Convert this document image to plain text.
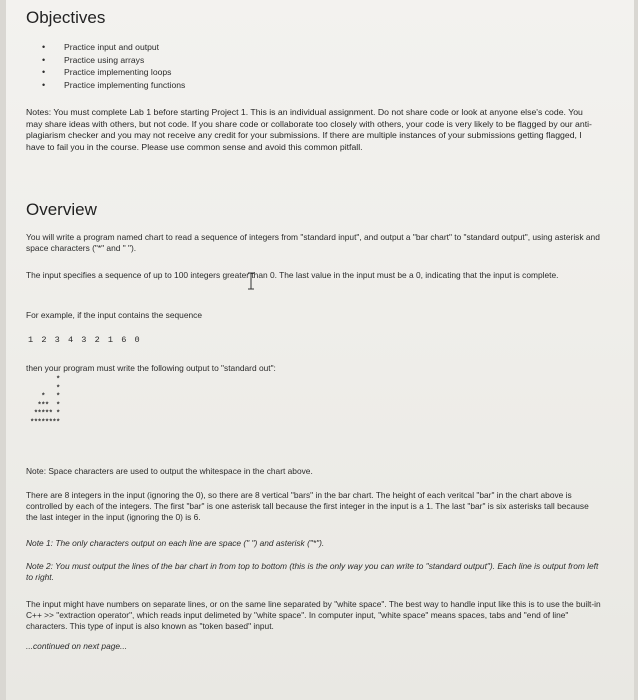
Objectives
• Practice input and output
• Practice using arrays
• Practice implementing loops
• Practice implementing functions

Notes: You must complete Lab 1 before starting Project 1. This is an individual assignment. Do not share code or look at anyone else's code. You may share ideas with others, but not code. If you share code or collaborate too closely with others, your code is very likely to be flagged by our anti-plagiarism checker and you may not receive any credit for your submissions. If there are multiple instances of your submissions getting flagged, I have to fail you in the course. Please use common sense and avoid this common pitfall.

Overview

You will write a program named chart to read a sequence of integers from "standard input", and output a "bar chart" to "standard output", using asterisk and space characters ("*" and " ").

The input specifies a sequence of up to 100 integers greater than 0. The last value in the input must be a 0, indicating that the input is complete.

For example, if the input contains the sequence

1 2 3 4 3 2 1 6 0

then your program must write the following output to "standard out":

*
*
*   *
***  *
***** *
********

Note: Space characters are used to output the whitespace in the chart above.

There are 8 integers in the input (ignoring the 0), so there are 8 vertical "bars" in the bar chart. The height of each veritcal "bar" in the chart above is controlled by each of the integers. The first "bar" is one asterisk tall because the first integer in the input is a 1. The last "bar" is six asterisks tall because the last integer in the input (ignoring the 0) is 6.

Note 1: The only characters output on each line are space (" ") and asterisk ("*").

Note 2: You must output the lines of the bar chart in from top to bottom (this is the only way you can write to "standard output"). Each line is output from left to right.

The input might have numbers on separate lines, or on the same line separated by "white space". The best way to handle input like this is to use the built-in C++ >> "extraction operator", which reads input delimeted by "white space". In computer input, "white space" means spaces, tabs and "end of line" characters. This type of input is also known as "token based" input.

...continued on next page...
